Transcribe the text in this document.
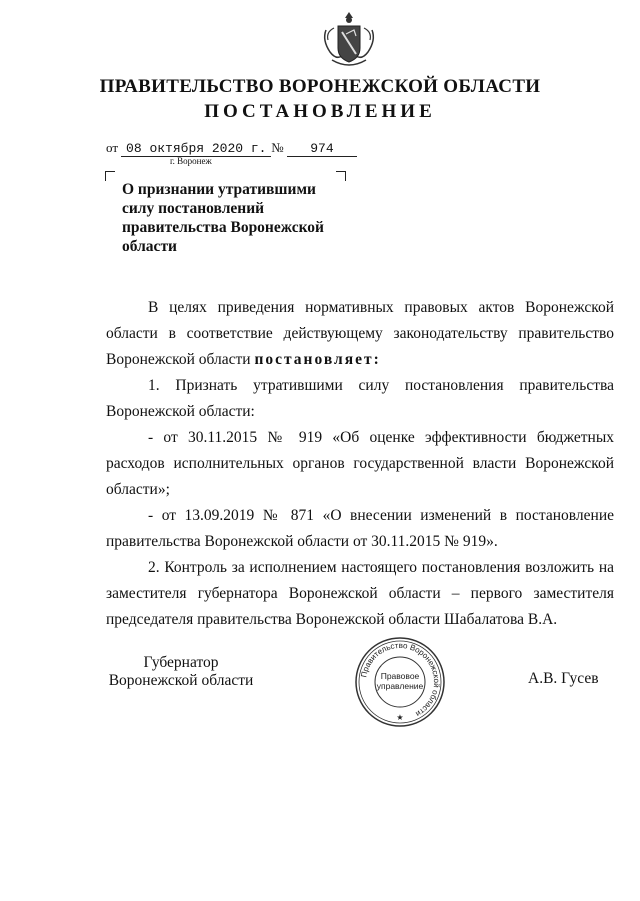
ПРАВИТЕЛЬСТВО ВОРОНЕЖСКОЙ ОБЛАСТИ
ПОСТАНОВЛЕНИЕ
от 08 октября 2020 г. № 974
г. Воронеж
О признании утратившими силу постановлений правительства Воронежской области

В целях приведения нормативных правовых актов Воронежской области в соответствие действующему законодательству правительство Воронежской области постановляет:

1. Признать утратившими силу постановления правительства Воронежской области:

- от 30.11.2015 № 919 «Об оценке эффективности бюджетных расходов исполнительных органов государственной власти Воронежской области»;

- от 13.09.2019 № 871 «О внесении изменений в постановление правительства Воронежской области от 30.11.2015 № 919».

2. Контроль за исполнением настоящего постановления возложить на заместителя губернатора Воронежской области – первого заместителя председателя правительства Воронежской области Шабалатова В.А.

Губернатор
Воронежской области	Правительство Воронежской области
Правовое
управление
★
А.В. Гусев
